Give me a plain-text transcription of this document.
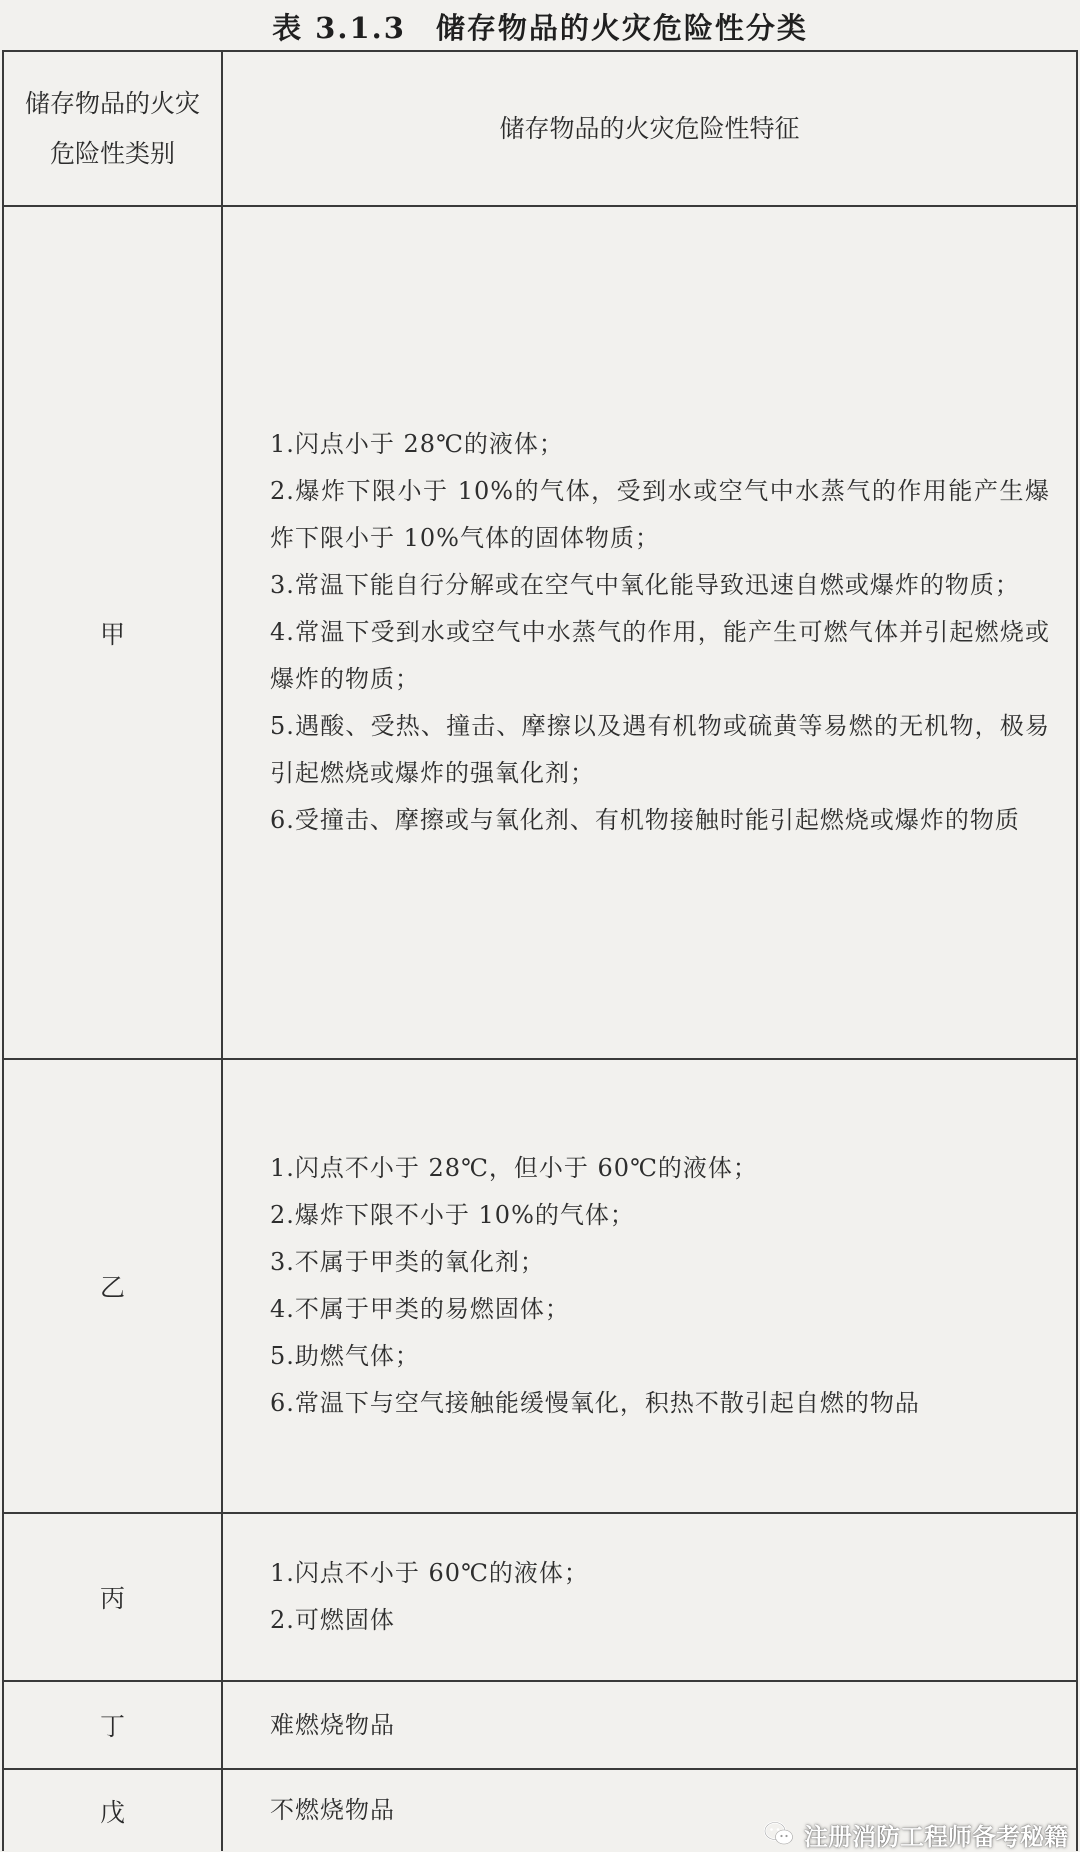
表 3.1.3 储存物品的火灾危险性分类
储存物品的火灾危险性类别
储存物品的火灾危险性特征
甲
1.闪点小于 28℃的液体；
2.爆炸下限小于 10%的气体，受到水或空气中水蒸气的作用能产生爆炸下限小于 10%气体的固体物质；
3.常温下能自行分解或在空气中氧化能导致迅速自燃或爆炸的物质；
4.常温下受到水或空气中水蒸气的作用，能产生可燃气体并引起燃烧或爆炸的物质；
5.遇酸、受热、撞击、摩擦以及遇有机物或硫黄等易燃的无机物，极易引起燃烧或爆炸的强氧化剂；
6.受撞击、摩擦或与氧化剂、有机物接触时能引起燃烧或爆炸的物质
乙
1.闪点不小于 28℃，但小于 60℃的液体；
2.爆炸下限不小于 10%的气体；
3.不属于甲类的氧化剂；
4.不属于甲类的易燃固体；
5.助燃气体；
6.常温下与空气接触能缓慢氧化，积热不散引起自燃的物品
丙
1.闪点不小于 60℃的液体；
2.可燃固体
丁	难燃烧物品
戊	不燃烧物品
注册消防工程师备考秘籍
